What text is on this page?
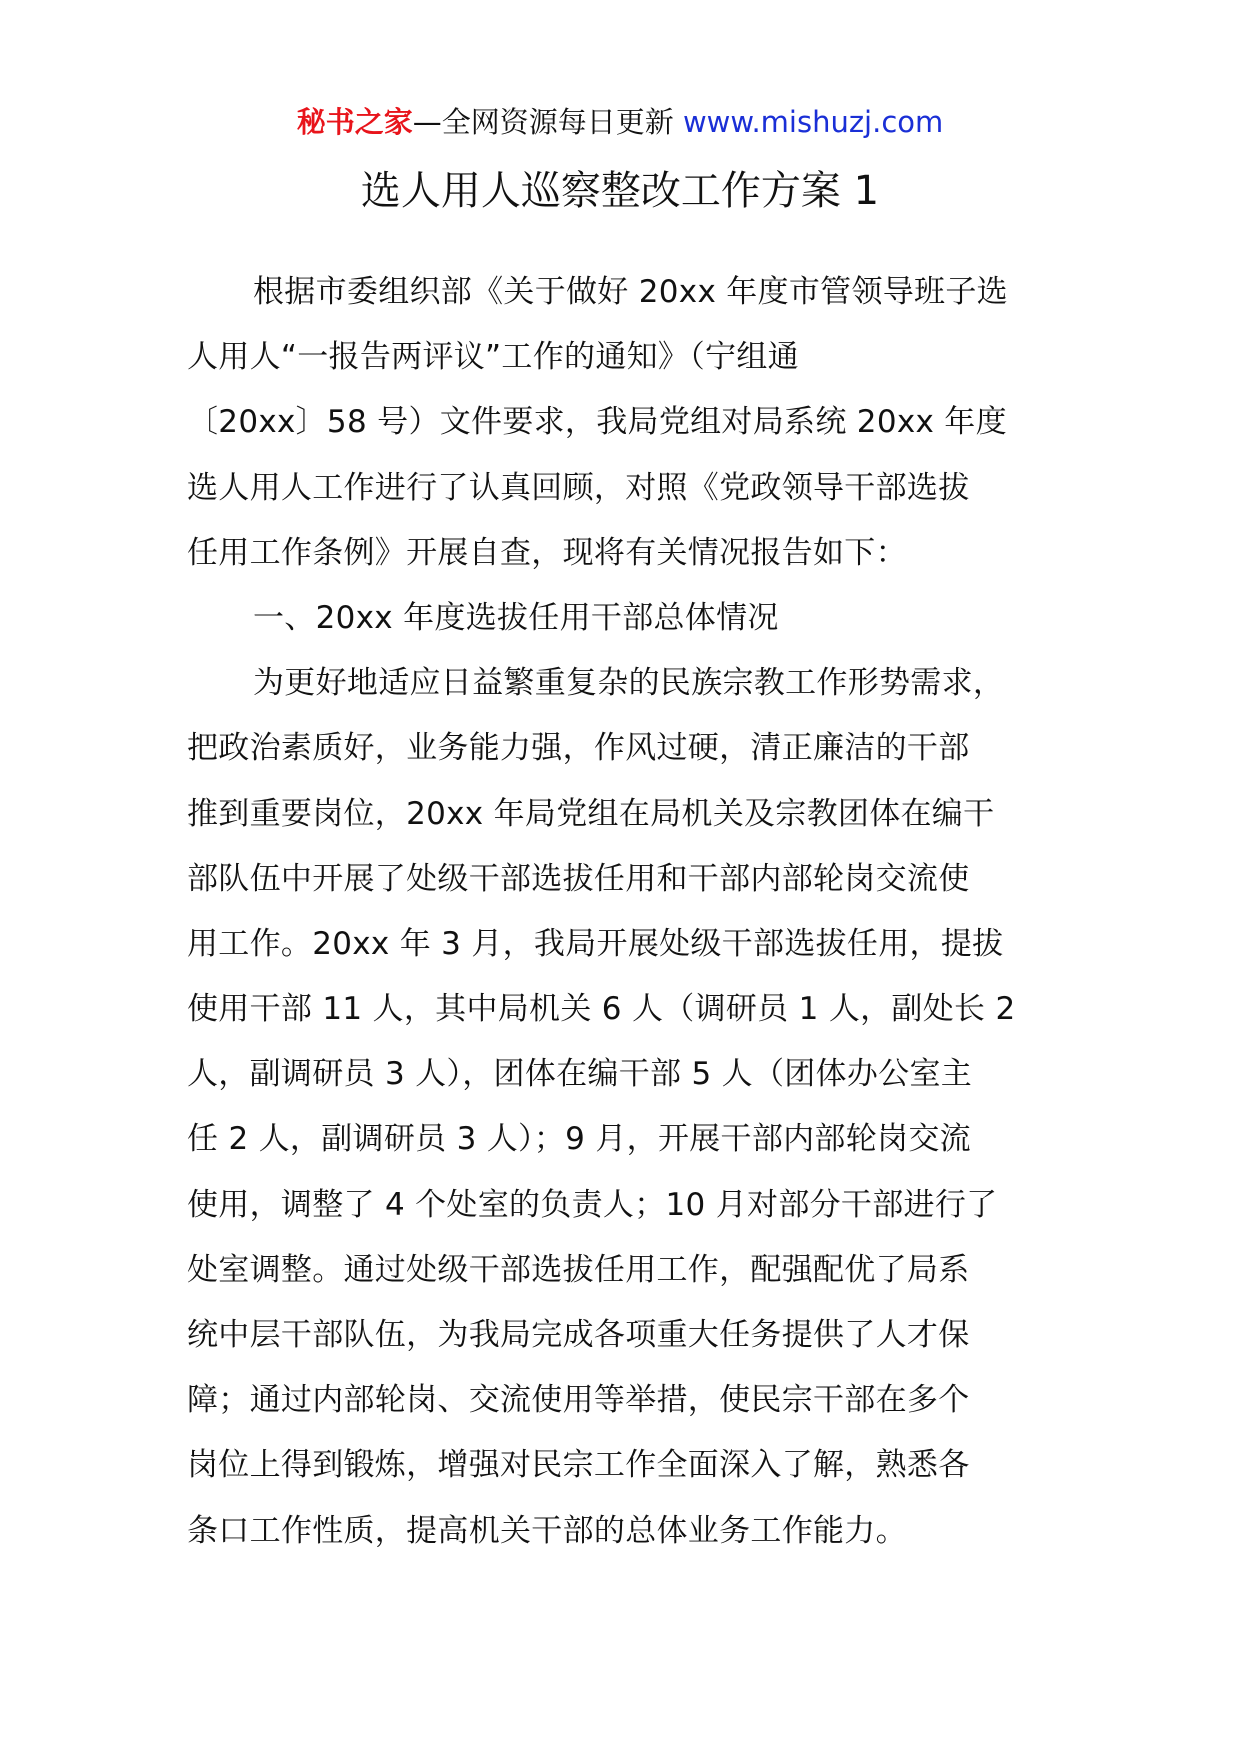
秘书之家—全网资源每日更新 www.mishuzj.com
选人用人巡察整改工作方案 1
根据市委组织部《关于做好 20xx 年度市管领导班子选
人用人“一报告两评议”工作的通知》（宁组通
〔20xx〕58 号）文件要求，我局党组对局系统 20xx 年度
选人用人工作进行了认真回顾，对照《党政领导干部选拔
任用工作条例》开展自查，现将有关情况报告如下：
一、20xx 年度选拔任用干部总体情况
为更好地适应日益繁重复杂的民族宗教工作形势需求，
把政治素质好，业务能力强，作风过硬，清正廉洁的干部
推到重要岗位，20xx 年局党组在局机关及宗教团体在编干
部队伍中开展了处级干部选拔任用和干部内部轮岗交流使
用工作。20xx 年 3 月，我局开展处级干部选拔任用，提拔
使用干部 11 人，其中局机关 6 人（调研员 1 人，副处长 2
人，副调研员 3 人），团体在编干部 5 人（团体办公室主
任 2 人，副调研员 3 人）；9 月，开展干部内部轮岗交流
使用，调整了 4 个处室的负责人；10 月对部分干部进行了
处室调整。通过处级干部选拔任用工作，配强配优了局系
统中层干部队伍，为我局完成各项重大任务提供了人才保
障；通过内部轮岗、交流使用等举措，使民宗干部在多个
岗位上得到锻炼，增强对民宗工作全面深入了解，熟悉各
条口工作性质，提高机关干部的总体业务工作能力。
